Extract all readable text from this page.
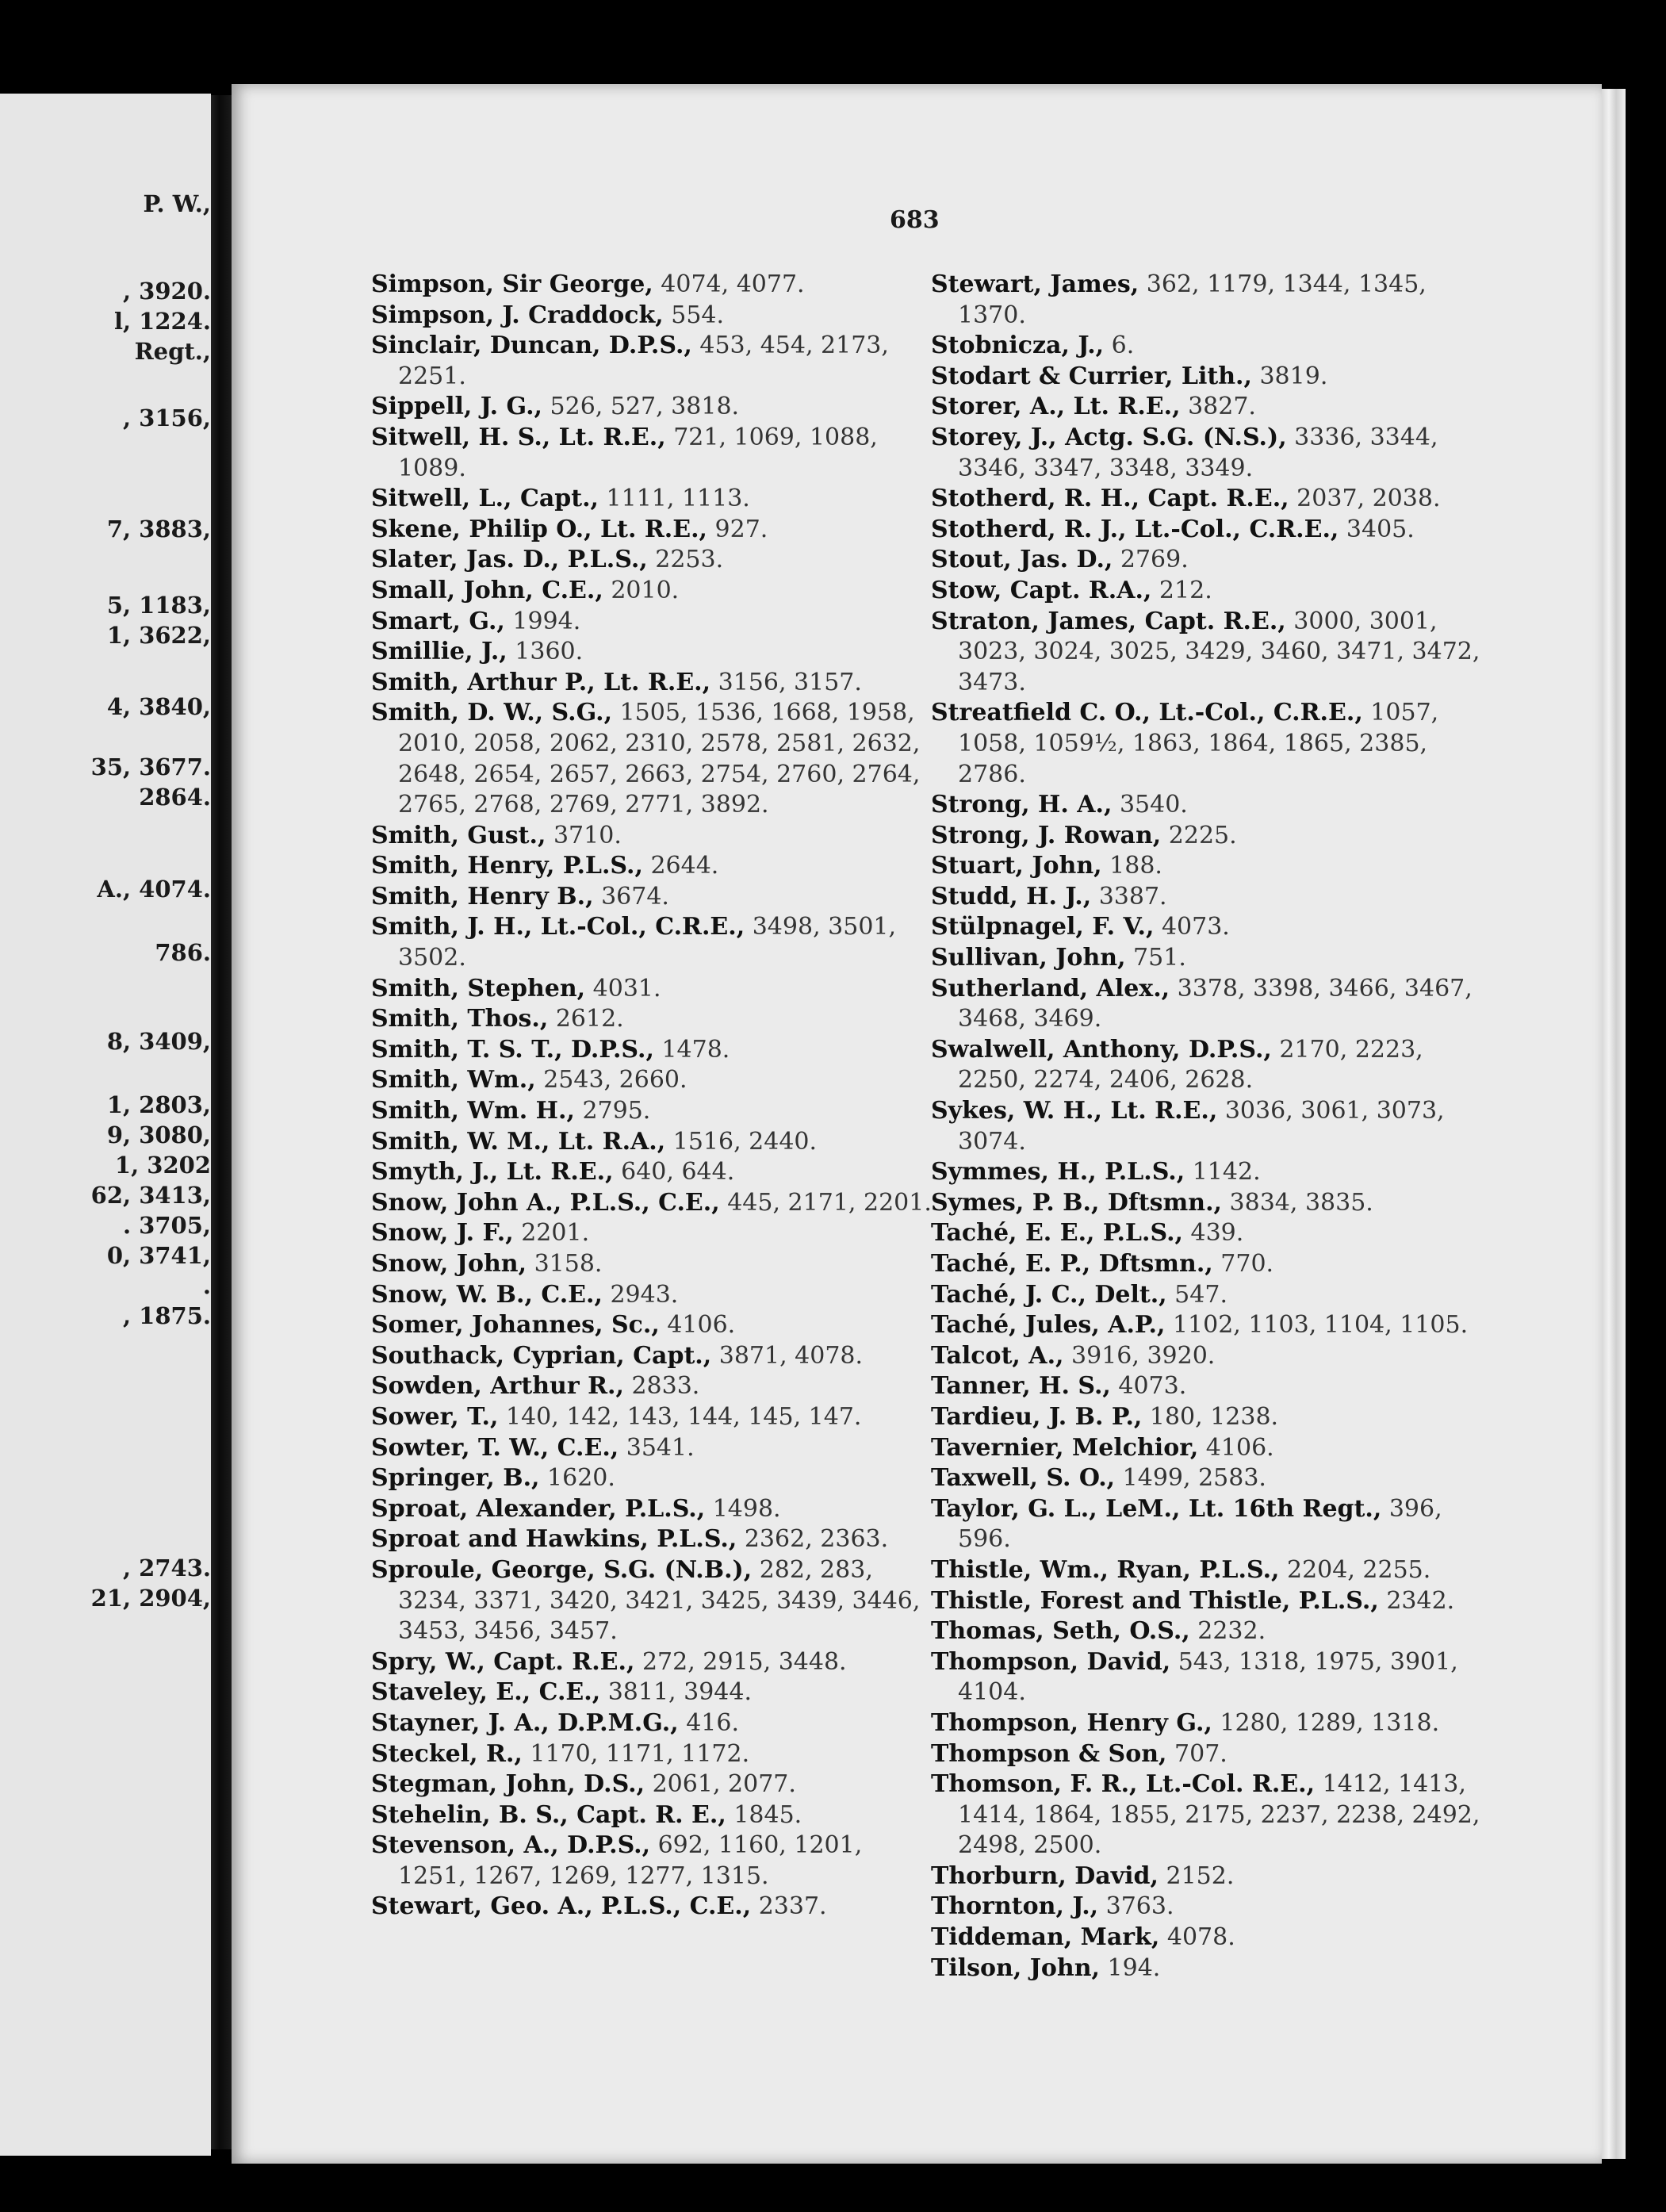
P. W.,
, 3920.
l, 1224.
Regt.,
, 3156,
7, 3883,
5, 1183,
1, 3622,
4, 3840,
35, 3677.
2864.
A., 4074.
786.
8, 3409,
1, 2803,
9, 3080,
1, 3202
62, 3413,
. 3705,
0, 3741,
.
, 1875.
, 2743.
21, 2904,
683

Simpson, Sir George, 4074, 4077.

Simpson, J. Craddock, 554.

Sinclair, Duncan, D.P.S., 453, 454, 2173, 2251.

Sippell, J. G., 526, 527, 3818.

Sitwell, H. S., Lt. R.E., 721, 1069, 1088, 1089.

Sitwell, L., Capt., 1111, 1113.

Skene, Philip O., Lt. R.E., 927.

Slater, Jas. D., P.L.S., 2253.

Small, John, C.E., 2010.

Smart, G., 1994.

Smillie, J., 1360.

Smith, Arthur P., Lt. R.E., 3156, 3157.

Smith, D. W., S.G., 1505, 1536, 1668, 1958, 2010, 2058, 2062, 2310, 2578, 2581, 2632, 2648, 2654, 2657, 2663, 2754, 2760, 2764, 2765, 2768, 2769, 2771, 3892.

Smith, Gust., 3710.

Smith, Henry, P.L.S., 2644.

Smith, Henry B., 3674.

Smith, J. H., Lt.-Col., C.R.E., 3498, 3501, 3502.

Smith, Stephen, 4031.

Smith, Thos., 2612.

Smith, T. S. T., D.P.S., 1478.

Smith, Wm., 2543, 2660.

Smith, Wm. H., 2795.

Smith, W. M., Lt. R.A., 1516, 2440.

Smyth, J., Lt. R.E., 640, 644.

Snow, John A., P.L.S., C.E., 445, 2171, 2201.

Snow, J. F., 2201.

Snow, John, 3158.

Snow, W. B., C.E., 2943.

Somer, Johannes, Sc., 4106.

Southack, Cyprian, Capt., 3871, 4078.

Sowden, Arthur R., 2833.

Sower, T., 140, 142, 143, 144, 145, 147.

Sowter, T. W., C.E., 3541.

Springer, B., 1620.

Sproat, Alexander, P.L.S., 1498.

Sproat and Hawkins, P.L.S., 2362, 2363.

Sproule, George, S.G. (N.B.), 282, 283, 3234, 3371, 3420, 3421, 3425, 3439, 3446, 3453, 3456, 3457.

Spry, W., Capt. R.E., 272, 2915, 3448.

Staveley, E., C.E., 3811, 3944.

Stayner, J. A., D.P.M.G., 416.

Steckel, R., 1170, 1171, 1172.

Stegman, John, D.S., 2061, 2077.

Stehelin, B. S., Capt. R. E., 1845.

Stevenson, A., D.P.S., 692, 1160, 1201, 1251, 1267, 1269, 1277, 1315.

Stewart, Geo. A., P.L.S., C.E., 2337.

Stewart, James, 362, 1179, 1344, 1345, 1370.

Stobnicza, J., 6.

Stodart & Currier, Lith., 3819.

Storer, A., Lt. R.E., 3827.

Storey, J., Actg. S.G. (N.S.), 3336, 3344, 3346, 3347, 3348, 3349.

Stotherd, R. H., Capt. R.E., 2037, 2038.

Stotherd, R. J., Lt.-Col., C.R.E., 3405.

Stout, Jas. D., 2769.

Stow, Capt. R.A., 212.

Straton, James, Capt. R.E., 3000, 3001, 3023, 3024, 3025, 3429, 3460, 3471, 3472, 3473.

Streatfield C. O., Lt.-Col., C.R.E., 1057, 1058, 1059½, 1863, 1864, 1865, 2385, 2786.

Strong, H. A., 3540.

Strong, J. Rowan, 2225.

Stuart, John, 188.

Studd, H. J., 3387.

Stülpnagel, F. V., 4073.

Sullivan, John, 751.

Sutherland, Alex., 3378, 3398, 3466, 3467, 3468, 3469.

Swalwell, Anthony, D.P.S., 2170, 2223, 2250, 2274, 2406, 2628.

Sykes, W. H., Lt. R.E., 3036, 3061, 3073, 3074.

Symmes, H., P.L.S., 1142.

Symes, P. B., Dftsmn., 3834, 3835.

Taché, E. E., P.L.S., 439.

Taché, E. P., Dftsmn., 770.

Taché, J. C., Delt., 547.

Taché, Jules, A.P., 1102, 1103, 1104, 1105.

Talcot, A., 3916, 3920.

Tanner, H. S., 4073.

Tardieu, J. B. P., 180, 1238.

Tavernier, Melchior, 4106.

Taxwell, S. O., 1499, 2583.

Taylor, G. L., LeM., Lt. 16th Regt., 396, 596.

Thistle, Wm., Ryan, P.L.S., 2204, 2255.

Thistle, Forest and Thistle, P.L.S., 2342.

Thomas, Seth, O.S., 2232.

Thompson, David, 543, 1318, 1975, 3901, 4104.

Thompson, Henry G., 1280, 1289, 1318.

Thompson & Son, 707.

Thomson, F. R., Lt.-Col. R.E., 1412, 1413, 1414, 1864, 1855, 2175, 2237, 2238, 2492, 2498, 2500.

Thorburn, David, 2152.

Thornton, J., 3763.

Tiddeman, Mark, 4078.

Tilson, John, 194.
